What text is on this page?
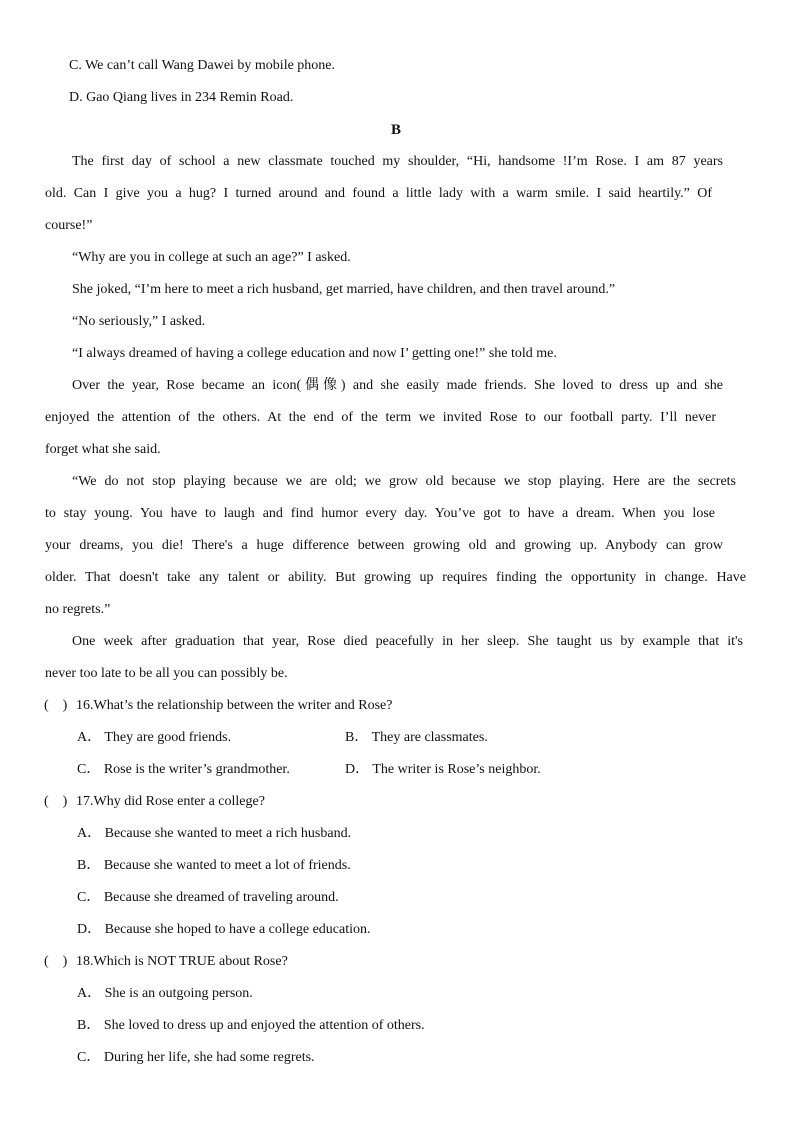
C. We can’t call Wang Dawei by mobile phone.
D. Gao Qiang lives in 234 Remin Road.
B
The first day of school a new classmate touched my shoulder, “Hi, handsome !I’m Rose. I am 87 years
old. Can I give you a hug? I turned around and found a little lady with a warm smile. I said heartily.” Of
course!”
“Why are you in college at such an age?” I asked.
She joked, “I’m here to meet a rich husband, get married, have children, and then travel around.”
“No seriously,” I asked.
“I always dreamed of having a college education and now I’ getting one!” she told me.
Over the year, Rose became an icon(偶像) and she easily made friends. She loved to dress up and she
enjoyed the attention of the others. At the end of the term we invited Rose to our football party. I’ll never
forget what she said.
“We do not stop playing because we are old; we grow old because we stop playing. Here are the secrets
to stay young. You have to laugh and find humor every day. You’ve got to have a dream. When you lose
your dreams, you die! There's a huge difference between growing old and growing up. Anybody can grow
older. That doesn't take any talent or ability. But growing up requires finding the opportunity in change. Have
no regrets.”
One week after graduation that year, Rose died peacefully in her sleep. She taught us by example that it's
never too late to be all you can possibly be.
(    ) 16.What’s the relationship between the writer and Rose?
A． They are good friends.	B． They are classmates.
C． Rose is the writer’s grandmother.	D． The writer is Rose’s neighbor.
(    ) 17.Why did Rose enter a college?
A． Because she wanted to meet a rich husband.
B． Because she wanted to meet a lot of friends.
C． Because she dreamed of traveling around.
D． Because she hoped to have a college education.
(    ) 18.Which is NOT TRUE about Rose?
A． She is an outgoing person.
B． She loved to dress up and enjoyed the attention of others.
C． During her life, she had some regrets.
